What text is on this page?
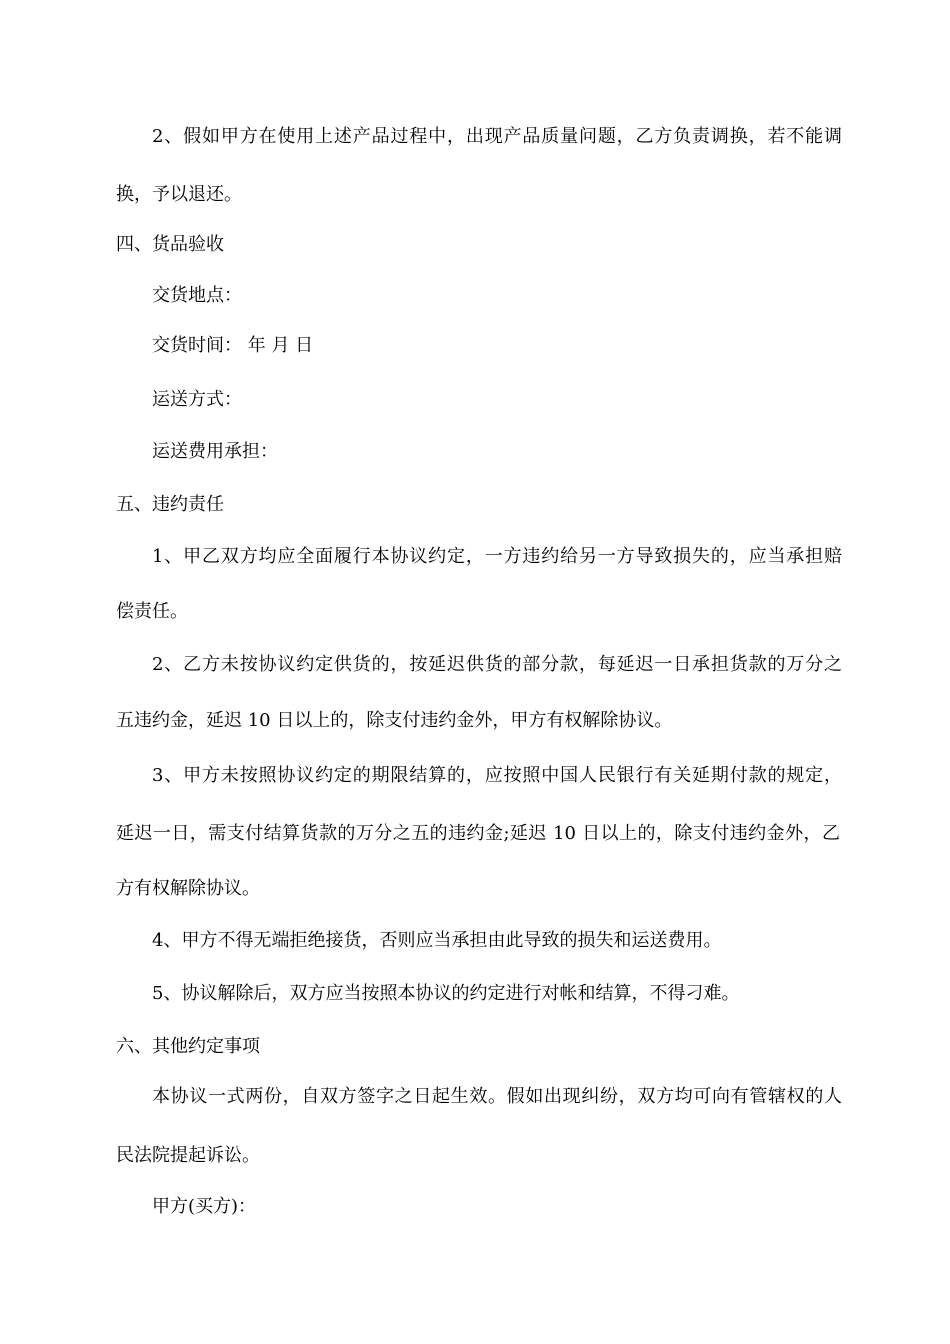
2、假如甲方在使用上述产品过程中，出现产品质量问题，乙方负责调换，若不能调
换，予以退还。
四、货品验收
交货地点：
交货时间： 年 月 日
运送方式：
运送费用承担：
五、违约责任
1、甲乙双方均应全面履行本协议约定，一方违约给另一方导致损失的，应当承担赔
偿责任。
2、乙方未按协议约定供货的，按延迟供货的部分款，每延迟一日承担货款的万分之
五违约金，延迟 10 日以上的，除支付违约金外，甲方有权解除协议。
3、甲方未按照协议约定的期限结算的，应按照中国人民银行有关延期付款的规定，
延迟一日，需支付结算货款的万分之五的违约金;延迟 10 日以上的，除支付违约金外，乙
方有权解除协议。
4、甲方不得无端拒绝接货，否则应当承担由此导致的损失和运送费用。
5、协议解除后，双方应当按照本协议的约定进行对帐和结算，不得刁难。
六、其他约定事项
本协议一式两份，自双方签字之日起生效。假如出现纠纷，双方均可向有管辖权的人
民法院提起诉讼。
甲方(买方)：
